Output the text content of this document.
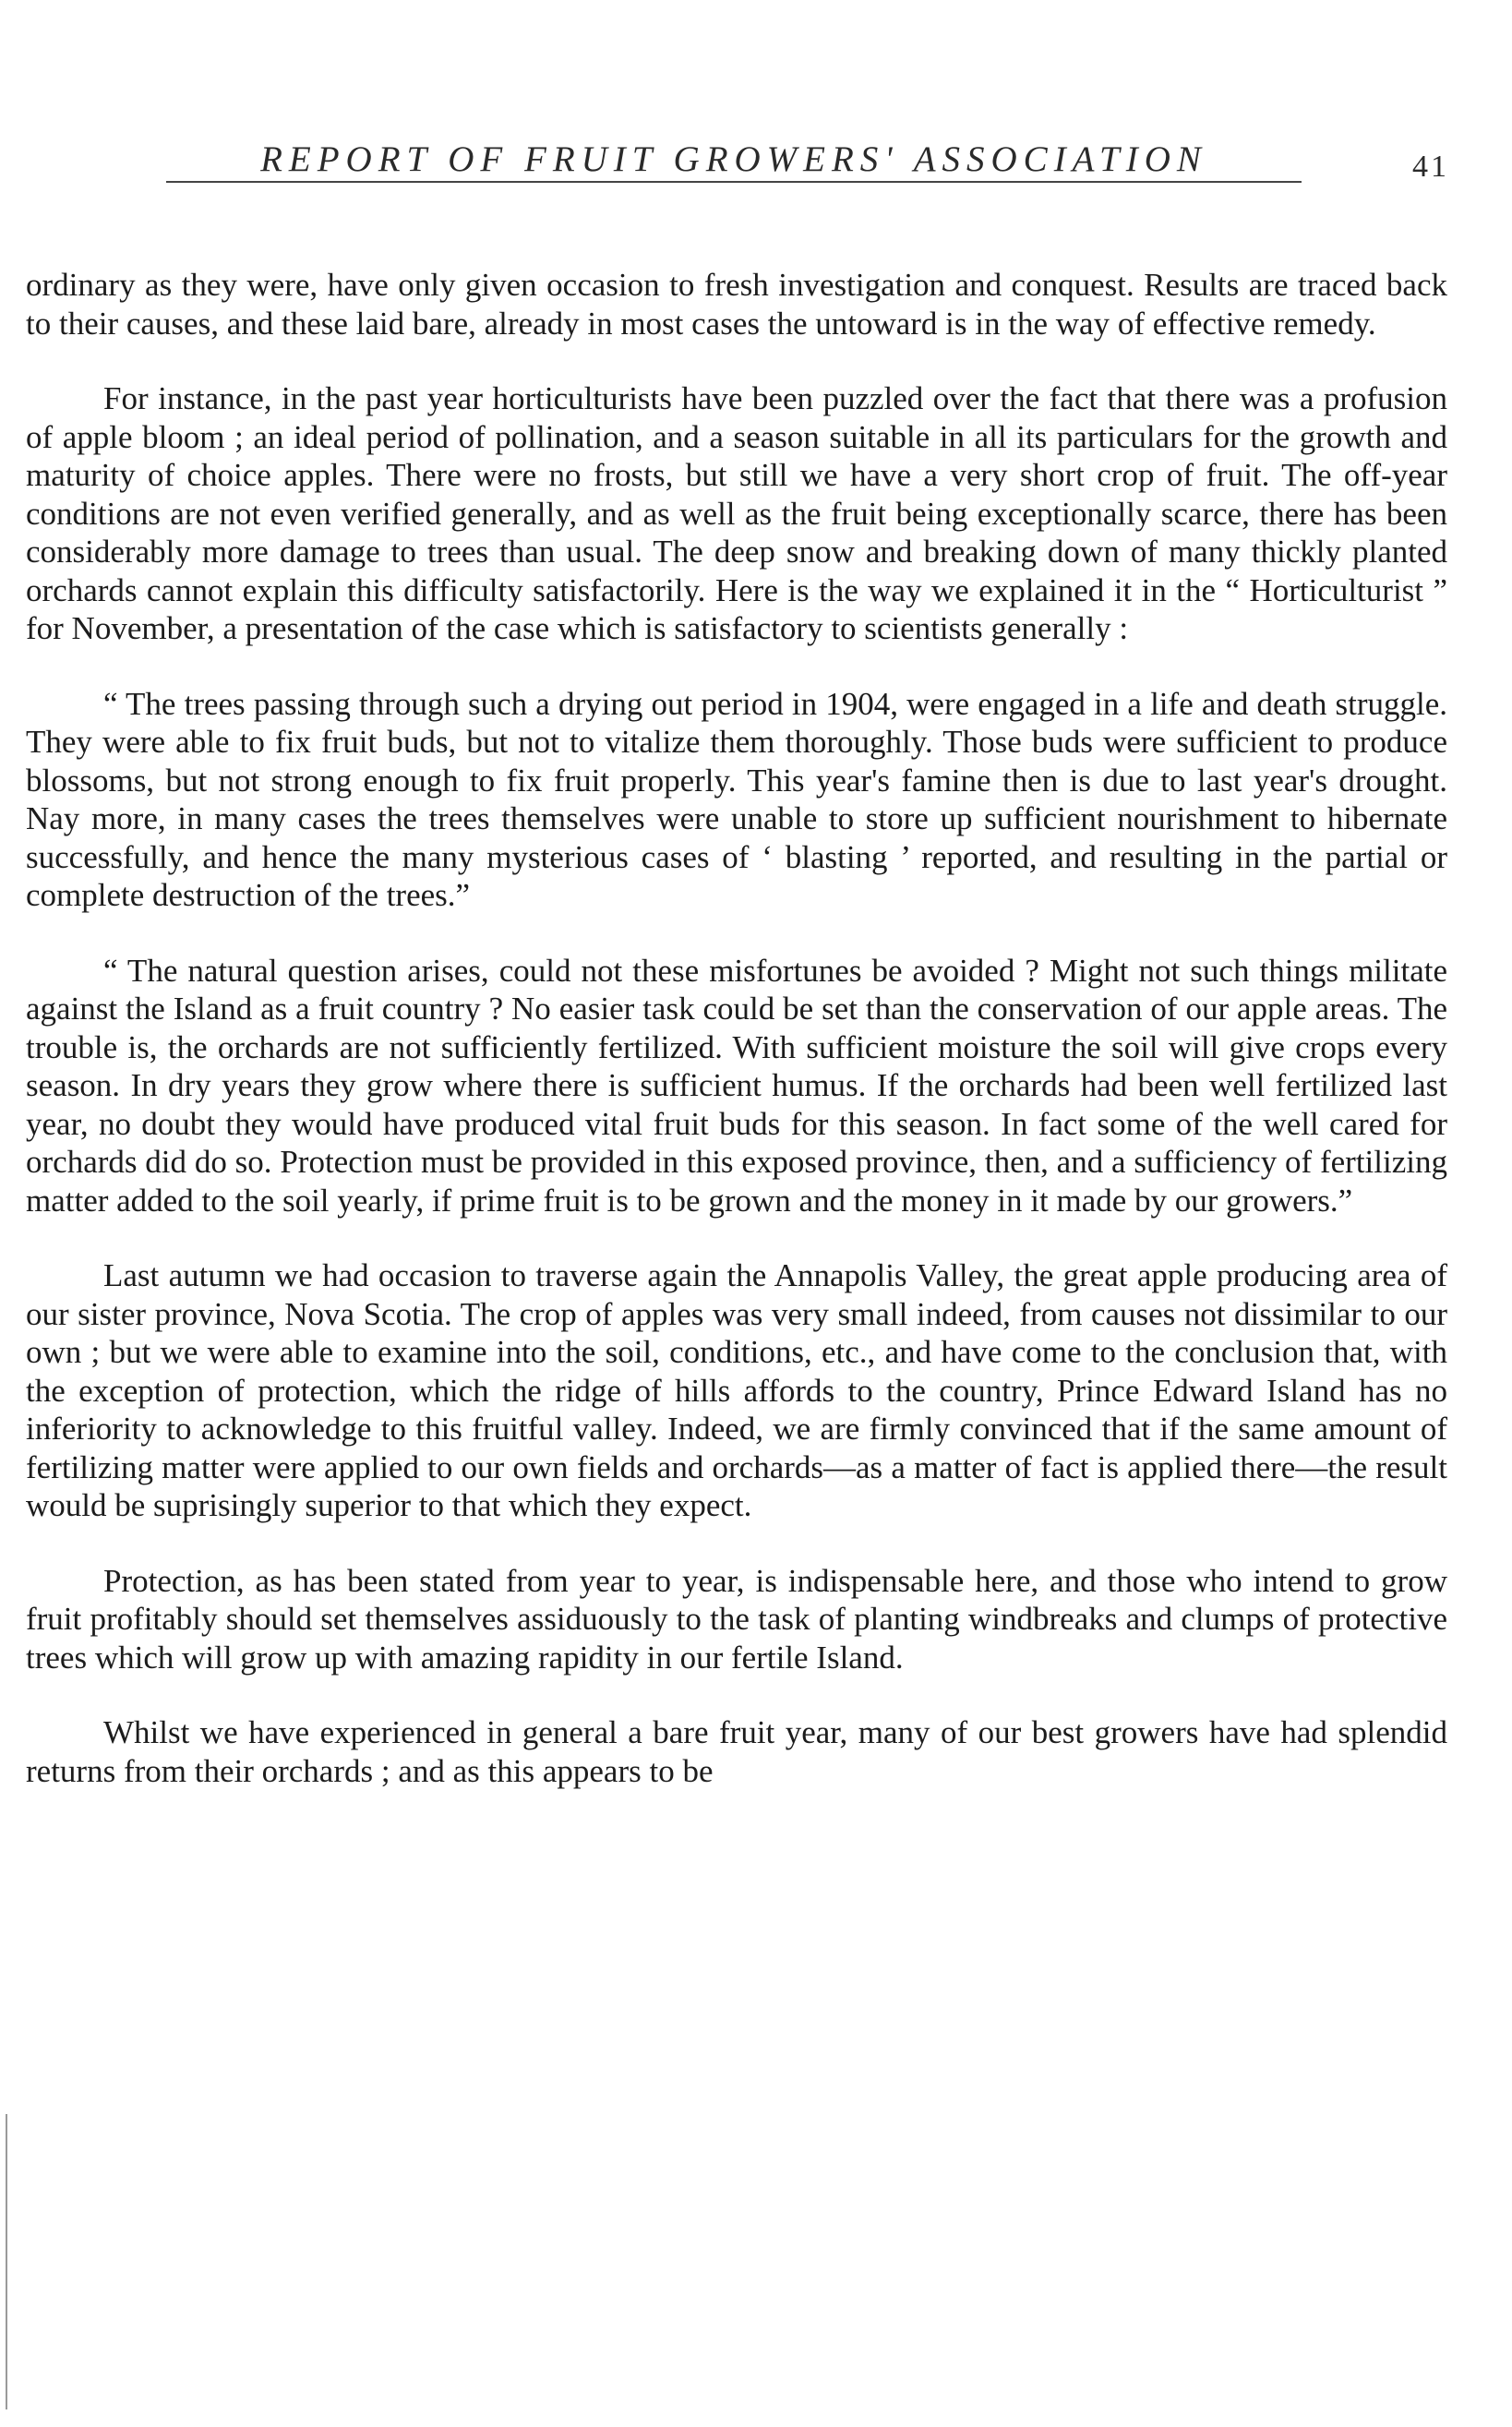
REPORT OF FRUIT GROWERS' ASSOCIATION	41

ordinary as they were, have only given occasion to fresh investigation and conquest. Results are traced back to their causes, and these laid bare, already in most cases the untoward is in the way of effective remedy.

For instance, in the past year horticulturists have been puzzled over the fact that there was a profusion of apple bloom ; an ideal period of pollination, and a season suitable in all its particulars for the growth and maturity of choice apples. There were no frosts, but still we have a very short crop of fruit. The off-year conditions are not even verified generally, and as well as the fruit being exceptionally scarce, there has been considerably more damage to trees than usual. The deep snow and breaking down of many thickly planted orchards cannot explain this difficulty satisfactorily. Here is the way we explained it in the “ Horticulturist ” for November, a presentation of the case which is satisfactory to scientists generally :

“ The trees passing through such a drying out period in 1904, were engaged in a life and death struggle. They were able to fix fruit buds, but not to vitalize them thoroughly. Those buds were sufficient to produce blossoms, but not strong enough to fix fruit properly. This year's famine then is due to last year's drought. Nay more, in many cases the trees themselves were unable to store up sufficient nourishment to hibernate successfully, and hence the many mysterious cases of ‘ blasting ’ reported, and resulting in the partial or complete destruction of the trees.”

“ The natural question arises, could not these misfortunes be avoided ? Might not such things militate against the Island as a fruit country ? No easier task could be set than the conservation of our apple areas. The trouble is, the orchards are not sufficiently fertilized. With sufficient moisture the soil will give crops every season. In dry years they grow where there is sufficient humus. If the orchards had been well fertilized last year, no doubt they would have produced vital fruit buds for this season. In fact some of the well cared for orchards did do so. Protection must be provided in this exposed province, then, and a sufficiency of fertilizing matter added to the soil yearly, if prime fruit is to be grown and the money in it made by our growers.”

Last autumn we had occasion to traverse again the Annapolis Valley, the great apple producing area of our sister province, Nova Scotia. The crop of apples was very small indeed, from causes not dissimilar to our own ; but we were able to examine into the soil, conditions, etc., and have come to the conclusion that, with the exception of protection, which the ridge of hills affords to the country, Prince Edward Island has no inferiority to acknowledge to this fruitful valley. Indeed, we are firmly convinced that if the same amount of fertilizing matter were applied to our own fields and orchards—as a matter of fact is applied there—the result would be suprisingly superior to that which they expect.

Protection, as has been stated from year to year, is indispensable here, and those who intend to grow fruit profitably should set themselves assiduously to the task of planting windbreaks and clumps of protective trees which will grow up with amazing rapidity in our fertile Island.

Whilst we have experienced in general a bare fruit year, many of our best growers have had splendid returns from their orchards ; and as this appears to be
